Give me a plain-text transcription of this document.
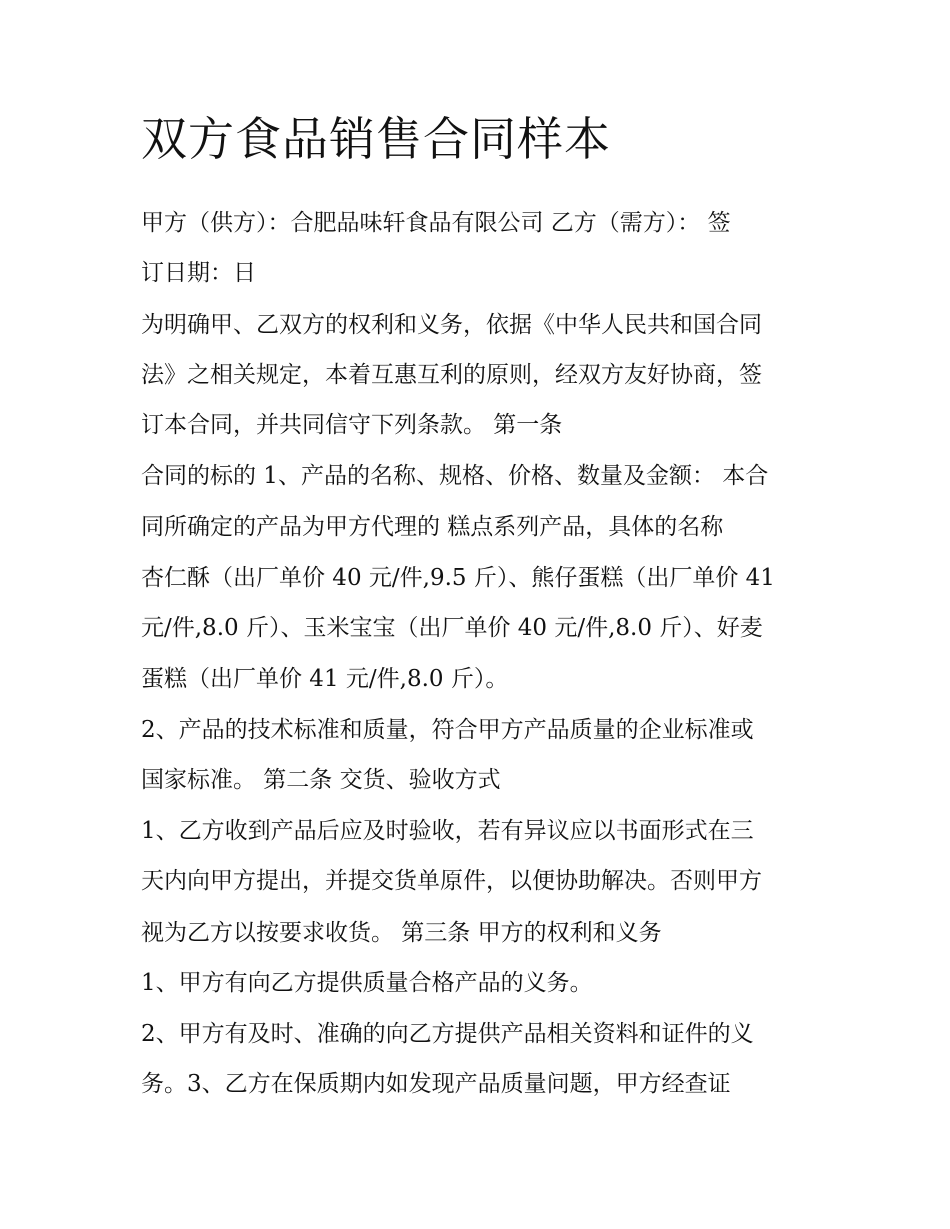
双方食品销售合同样本

甲方（供方）：合肥品味轩食品有限公司 乙方（需方）： 签

订日期：日

为明确甲、乙双方的权利和义务，依据《中华人民共和国合同

法》之相关规定，本着互惠互利的原则，经双方友好协商，签

订本合同，并共同信守下列条款。 第一条

合同的标的 1、产品的名称、规格、价格、数量及金额： 本合

同所确定的产品为甲方代理的 糕点系列产品，具体的名称

杏仁酥（出厂单价 40 元/件,9.5 斤）、熊仔蛋糕（出厂单价 41

元/件,8.0 斤）、玉米宝宝（出厂单价 40 元/件,8.0 斤）、好麦

蛋糕（出厂单价 41 元/件,8.0 斤）。

2、产品的技术标准和质量，符合甲方产品质量的企业标准或

国家标准。 第二条 交货、验收方式

1、乙方收到产品后应及时验收，若有异议应以书面形式在三

天内向甲方提出，并提交货单原件，以便协助解决。否则甲方

视为乙方以按要求收货。 第三条 甲方的权利和义务

1、甲方有向乙方提供质量合格产品的义务。

2、甲方有及时、准确的向乙方提供产品相关资料和证件的义

务。3、乙方在保质期内如发现产品质量问题，甲方经查证
